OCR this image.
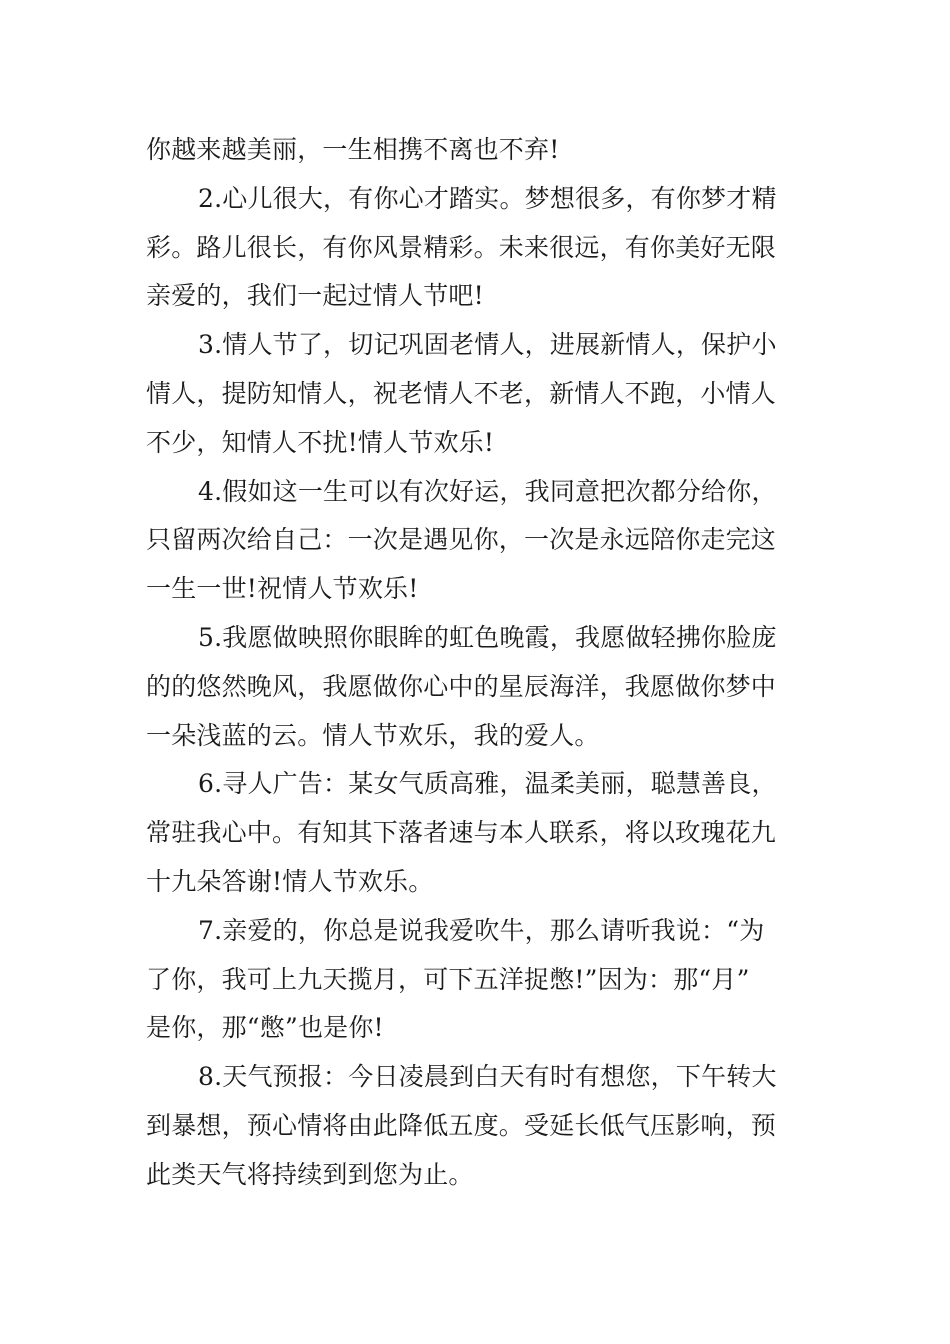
你越来越美丽，一生相携不离也不弃!
2.心儿很大，有你心才踏实。梦想很多，有你梦才精
彩。路儿很长，有你风景精彩。未来很远，有你美好无限
亲爱的，我们一起过情人节吧!
3.情人节了，切记巩固老情人，进展新情人，保护小
情人，提防知情人，祝老情人不老，新情人不跑，小情人
不少，知情人不扰!情人节欢乐!
4.假如这一生可以有次好运，我同意把次都分给你，
只留两次给自己：一次是遇见你，一次是永远陪你走完这
一生一世!祝情人节欢乐!
5.我愿做映照你眼眸的虹色晚霞，我愿做轻拂你脸庞
的的悠然晚风，我愿做你心中的星辰海洋，我愿做你梦中
一朵浅蓝的云。情人节欢乐，我的爱人。
6.寻人广告：某女气质高雅，温柔美丽，聪慧善良，
常驻我心中。有知其下落者速与本人联系，将以玫瑰花九
十九朵答谢!情人节欢乐。
7.亲爱的，你总是说我爱吹牛，那么请听我说：“为
了你，我可上九天揽月，可下五洋捉憋!”因为：那“月”
是你，那“憋”也是你!
8.天气预报：今日凌晨到白天有时有想您，下午转大
到暴想，预心情将由此降低五度。受延长低气压影响，预
此类天气将持续到到您为止。
